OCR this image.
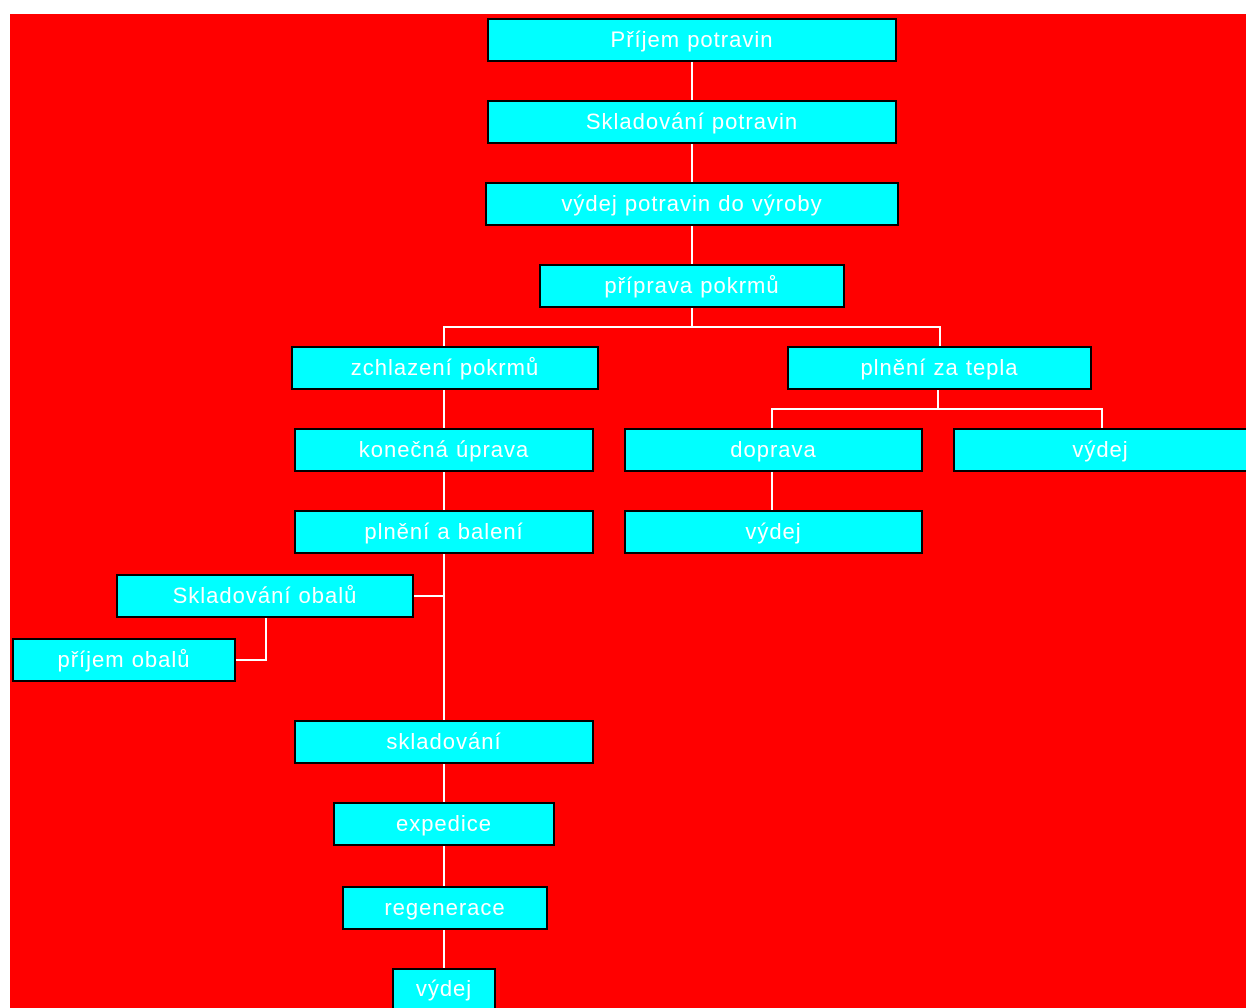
Příjem potravin
Skladování potravin
výdej potravin do výroby
příprava pokrmů
zchlazení pokrmů	plnění za tepla
konečná úprava	doprava	výdej
výdej
plnění a balení
Skladování obalů
příjem obalů
skladování
expedice
regenerace
výdej
